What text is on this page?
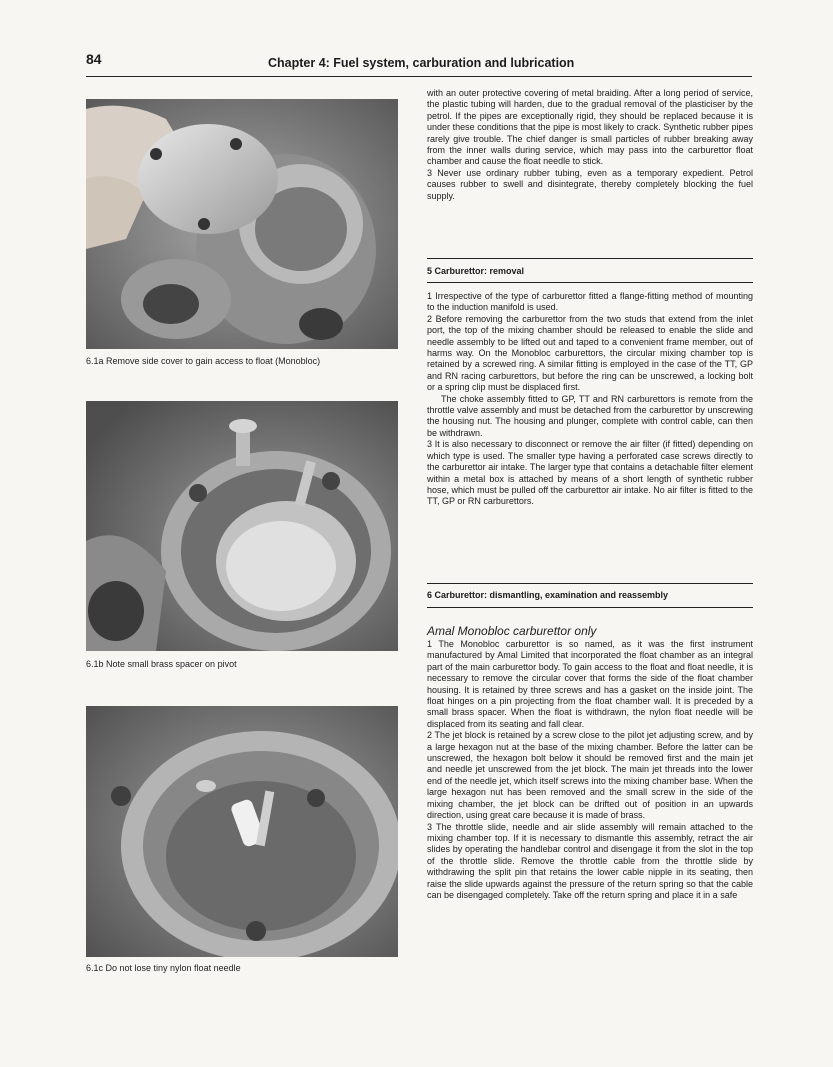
84	Chapter 4: Fuel system, carburation and lubrication
6.1a Remove side cover to gain access to float (Monobloc)
6.1b Note small brass spacer on pivot
6.1c Do not lose tiny nylon float needle

with an outer protective covering of metal braiding. After a long period of service, the plastic tubing will harden, due to the gradual removal of the plasticiser by the petrol. If the pipes are exceptionally rigid, they should be replaced because it is under these conditions that the pipe is most likely to crack. Synthetic rubber pipes rarely give trouble. The chief danger is small particles of rubber breaking away from the inner walls during service, which may pass into the carburettor float chamber and cause the float needle to stick.

3 Never use ordinary rubber tubing, even as a temporary expedient. Petrol causes rubber to swell and disintegrate, thereby completely blocking the fuel supply.

5 Carburettor: removal

1 Irrespective of the type of carburettor fitted a flange-fitting method of mounting to the induction manifold is used.

2 Before removing the carburettor from the two studs that extend from the inlet port, the top of the mixing chamber should be released to enable the slide and needle assembly to be lifted out and taped to a convenient frame member, out of harms way. On the Monobloc carburettors, the circular mixing chamber top is retained by a screwed ring. A similar fitting is employed in the case of the TT, GP and RN racing carburettors, but before the ring can be unscrewed, a locking bolt or a spring clip must be displaced first.

The choke assembly fitted to GP, TT and RN carburettors is remote from the throttle valve assembly and must be detached from the carburettor by unscrewing the housing nut. The housing and plunger, complete with control cable, can then be withdrawn.

3 It is also necessary to disconnect or remove the air filter (if fitted) depending on which type is used. The smaller type having a perforated case screws directly to the carburettor air intake. The larger type that contains a detachable filter element within a metal box is attached by means of a short length of synthetic rubber hose, which must be pulled off the carburettor air intake. No air filter is fitted to the TT, GP or RN carburettors.

6 Carburettor: dismantling, examination and reassembly
Amal Monobloc carburettor only

1 The Monobloc carburettor is so named, as it was the first instrument manufactured by Amal Limited that incorporated the float chamber as an integral part of the main carburettor body. To gain access to the float and float needle, it is necessary to remove the circular cover that forms the side of the float chamber housing. It is retained by three screws and has a gasket on the inside joint. The float hinges on a pin projecting from the float chamber wall. It is preceded by a small brass spacer. When the float is withdrawn, the nylon float needle will be displaced from its seating and fall clear.

2 The jet block is retained by a screw close to the pilot jet adjusting screw, and by a large hexagon nut at the base of the mixing chamber. Before the latter can be unscrewed, the hexagon bolt below it should be removed first and the main jet and needle jet unscrewed from the jet block. The main jet threads into the lower end of the needle jet, which itself screws into the mixing chamber base. When the large hexagon nut has been removed and the small screw in the side of the mixing chamber, the jet block can be drifted out of position in an upwards direction, using great care because it is made of brass.

3 The throttle slide, needle and air slide assembly will remain attached to the mixing chamber top. If it is necessary to dismantle this assembly, retract the air slides by operating the handlebar control and disengage it from the slot in the top of the throttle slide. Remove the throttle cable from the throttle slide by withdrawing the split pin that retains the lower cable nipple in its seating, then raise the slide upwards against the pressure of the return spring so that the cable can be disengaged completely. Take off the return spring and place it in a safe
